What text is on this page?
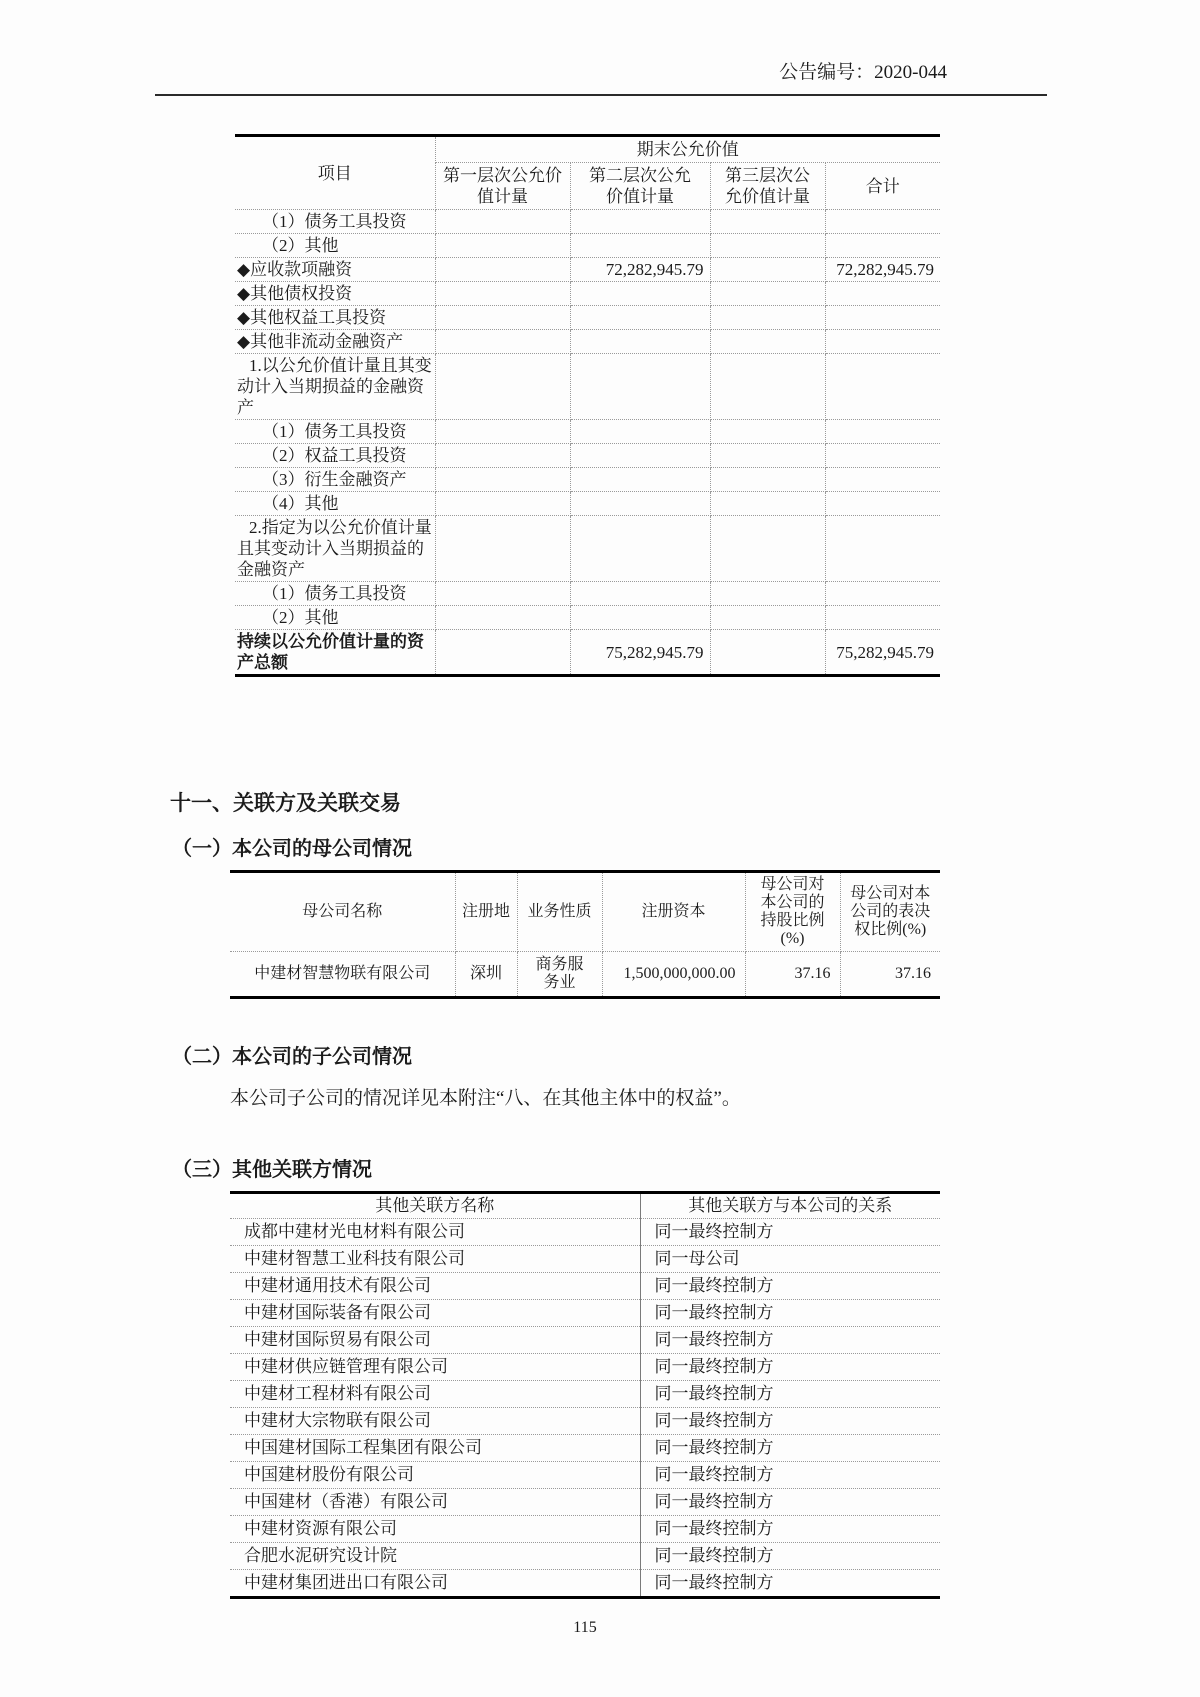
公告编号：2020-044
项目	期末公允价值			
	第一层次公允价值计量	第二层次公允价值计量	第三层次公允价值计量	合计
（1）债务工具投资				
（2）其他				
◆应收款项融资		72,282,945.79		72,282,945.79
◆其他债权投资				
◆其他权益工具投资				
◆其他非流动金融资产				
1.以公允价值计量且其变动计入当期损益的金融资产				
（1）债务工具投资				
（2）权益工具投资				
（3）衍生金融资产				
（4）其他				
2.指定为以公允价值计量且其变动计入当期损益的金融资产				
（1）债务工具投资				
（2）其他				
持续以公允价值计量的资产总额		75,282,945.79		75,282,945.79
十一、关联方及关联交易
（一）本公司的母公司情况
母公司名称	注册地	业务性质	注册资本	母公司对本公司的持股比例(%)	母公司对本公司的表决权比例(%)
中建材智慧物联有限公司	深圳	商务服务业	1,500,000,000.00	37.16	37.16
（二）本公司的子公司情况
本公司子公司的情况详见本附注“八、在其他主体中的权益”。
（三）其他关联方情况
其他关联方名称	其他关联方与本公司的关系
成都中建材光电材料有限公司	同一最终控制方
中建材智慧工业科技有限公司	同一母公司
中建材通用技术有限公司	同一最终控制方
中建材国际装备有限公司	同一最终控制方
中建材国际贸易有限公司	同一最终控制方
中建材供应链管理有限公司	同一最终控制方
中建材工程材料有限公司	同一最终控制方
中建材大宗物联有限公司	同一最终控制方
中国建材国际工程集团有限公司	同一最终控制方
中国建材股份有限公司	同一最终控制方
中国建材（香港）有限公司	同一最终控制方
中建材资源有限公司	同一最终控制方
合肥水泥研究设计院	同一最终控制方
中建材集团进出口有限公司	同一最终控制方
115
